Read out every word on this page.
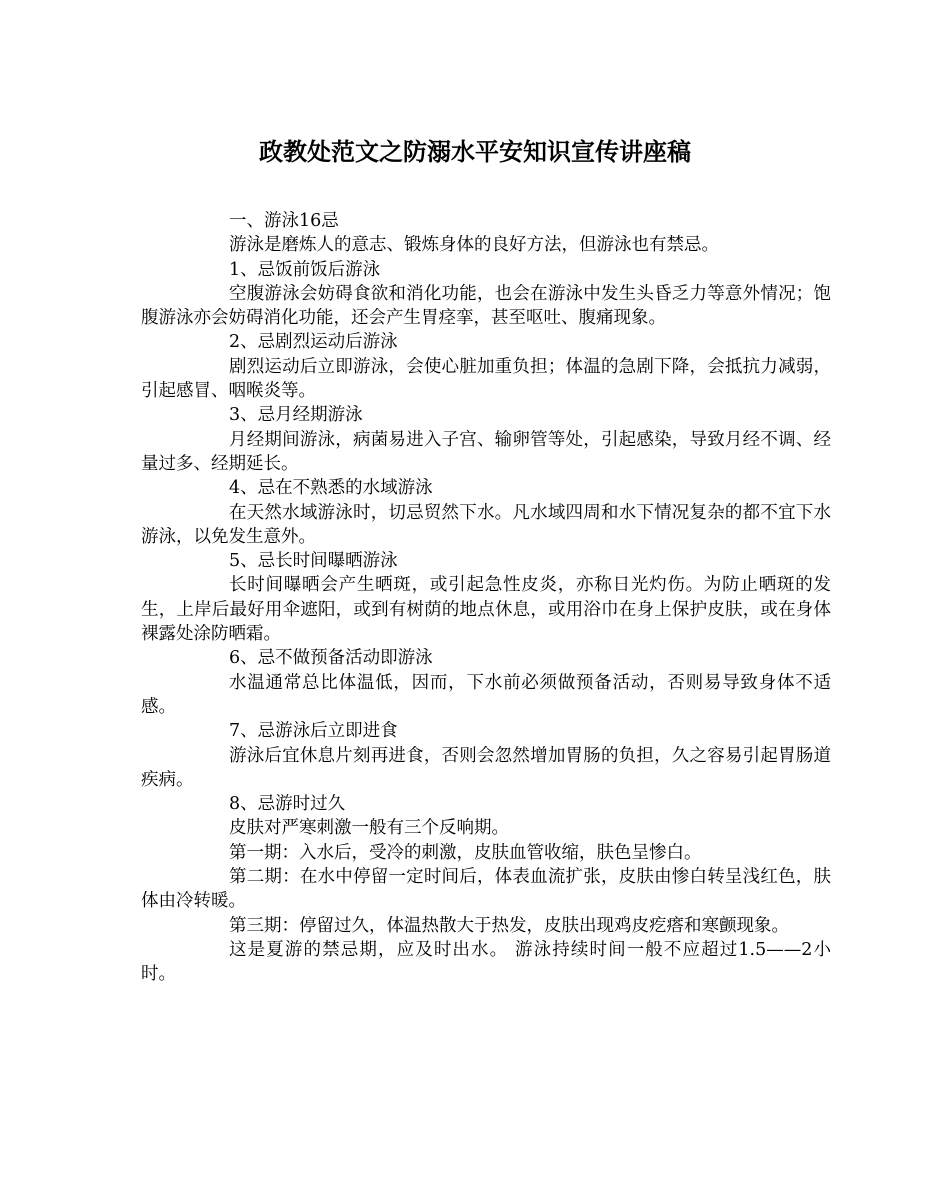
政教处范文之防溺水平安知识宣传讲座稿

一、游泳16忌

游泳是磨炼人的意志、锻炼身体的良好方法，但游泳也有禁忌。

1、忌饭前饭后游泳

空腹游泳会妨碍食欲和消化功能，也会在游泳中发生头昏乏力等意外情况；饱腹游泳亦会妨碍消化功能，还会产生胃痉挛，甚至呕吐、腹痛现象。

2、忌剧烈运动后游泳

剧烈运动后立即游泳，会使心脏加重负担；体温的急剧下降，会抵抗力减弱，引起感冒、咽喉炎等。

3、忌月经期游泳

月经期间游泳，病菌易进入子宫、输卵管等处，引起感染，导致月经不调、经量过多、经期延长。

4、忌在不熟悉的水域游泳

在天然水域游泳时，切忌贸然下水。凡水域四周和水下情况复杂的都不宜下水游泳，以免发生意外。

5、忌长时间曝晒游泳

长时间曝晒会产生晒斑，或引起急性皮炎，亦称日光灼伤。为防止晒斑的发生，上岸后最好用伞遮阳，或到有树荫的地点休息，或用浴巾在身上保护皮肤，或在身体裸露处涂防晒霜。

6、忌不做预备活动即游泳

水温通常总比体温低，因而，下水前必须做预备活动，否则易导致身体不适感。

7、忌游泳后立即进食

游泳后宜休息片刻再进食，否则会忽然增加胃肠的负担，久之容易引起胃肠道疾病。

8、忌游时过久

皮肤对严寒刺激一般有三个反响期。

第一期：入水后，受冷的刺激，皮肤血管收缩，肤色呈惨白。

第二期：在水中停留一定时间后，体表血流扩张，皮肤由惨白转呈浅红色，肤体由冷转暖。

第三期：停留过久，体温热散大于热发，皮肤出现鸡皮疙瘩和寒颤现象。

这是夏游的禁忌期，应及时出水。 游泳持续时间一般不应超过1.5——2小时。
